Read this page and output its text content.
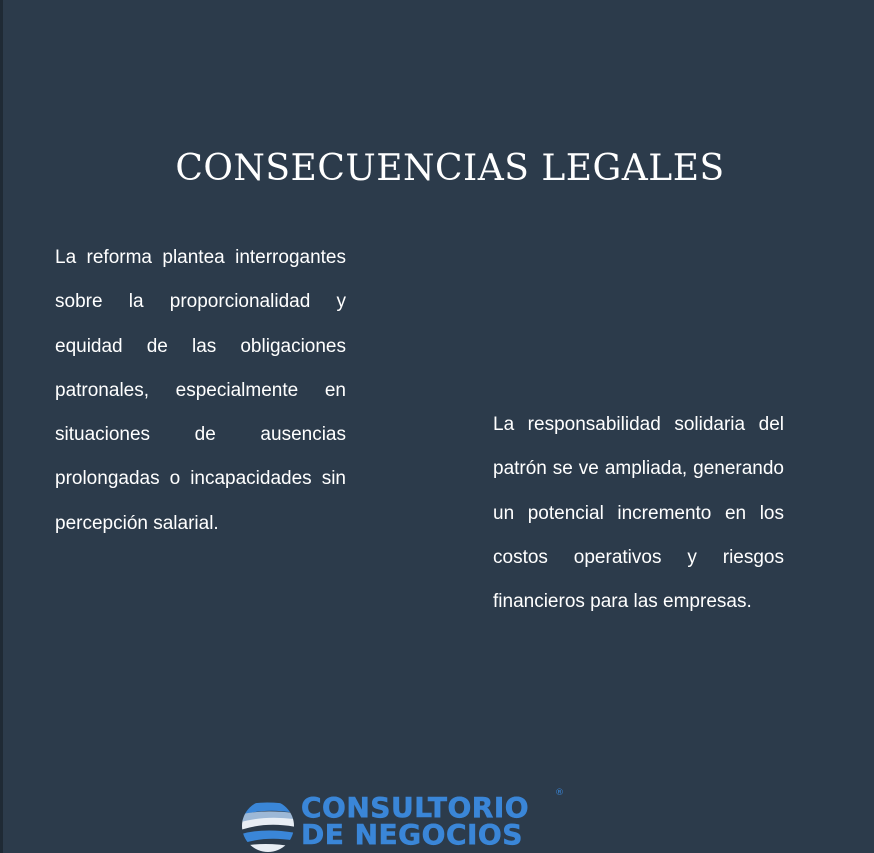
CONSECUENCIAS LEGALES

La reforma plantea interrogantes sobre la proporcionalidad y equidad de las obligaciones patronales, especialmente en situaciones de ausencias prolongadas o incapacidades sin percepción salarial.

La responsabilidad solidaria del patrón se ve ampliada, generando un potencial incremento en los costos operativos y riesgos financieros para las empresas.

CONSULTORIO
DE NEGOCIOS
®
